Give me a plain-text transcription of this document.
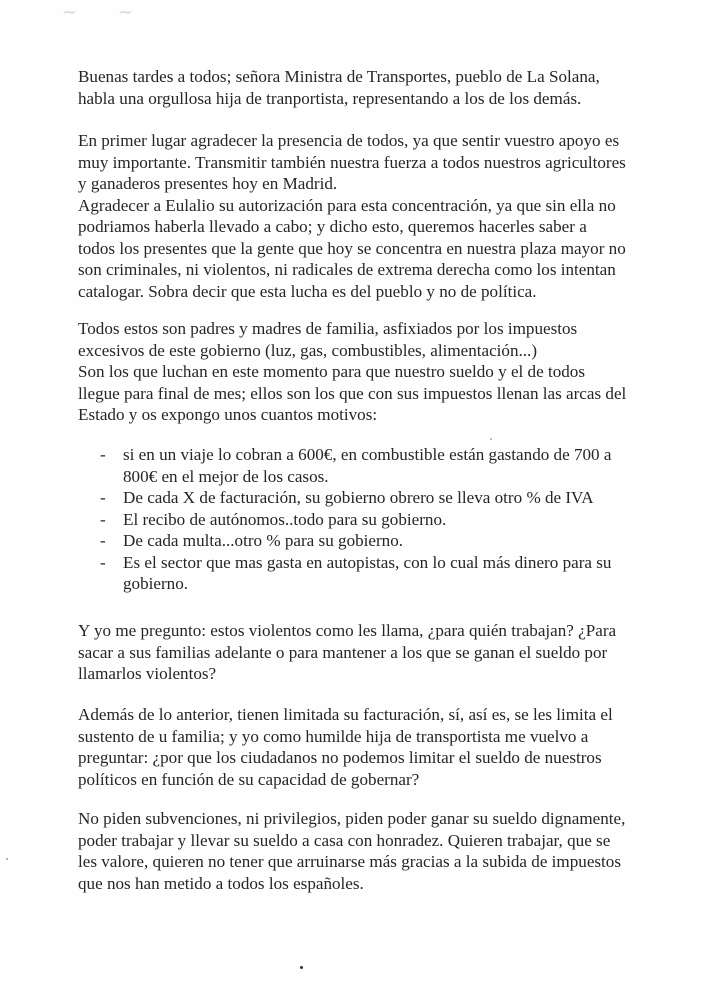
~ ~
Buenas tardes a todos; señora Ministra de Transportes, pueblo de La Solana,
habla una orgullosa hija de tranportista, representando a los de los demás.
En primer lugar agradecer la presencia de todos, ya que sentir vuestro apoyo es
muy importante. Transmitir también nuestra fuerza a todos nuestros agricultores
y ganaderos presentes hoy en Madrid.
Agradecer a Eulalio su autorización para esta concentración, ya que sin ella no
podriamos haberla llevado a cabo; y dicho esto, queremos hacerles saber a
todos los presentes que la gente que hoy se concentra en nuestra plaza mayor no
son criminales, ni violentos, ni radicales de extrema derecha como los intentan
catalogar. Sobra decir que esta lucha es del pueblo y no de política.
Todos estos son padres y madres de familia, asfixiados por los impuestos
excesivos de este gobierno (luz, gas, combustibles, alimentación...)
Son los que luchan en este momento para que nuestro sueldo y el de todos
llegue para final de mes; ellos son los que con sus impuestos llenan las arcas del
Estado y os expongo unos cuantos motivos:
- si en un viaje lo cobran a 600€, en combustible están gastando de 700 a
800€ en el mejor de los casos.
- De cada X de facturación, su gobierno obrero se lleva otro % de IVA
- El recibo de autónomos..todo para su gobierno.
- De cada multa...otro % para su gobierno.
- Es el sector que mas gasta en autopistas, con lo cual más dinero para su
gobierno.
Y yo me pregunto: estos violentos como les llama, ¿para quién trabajan? ¿Para
sacar a sus familias adelante o para mantener a los que se ganan el sueldo por
llamarlos violentos?
Además de lo anterior, tienen limitada su facturación, sí, así es, se les limita el
sustento de u familia; y yo como humilde hija de transportista me vuelvo a
preguntar: ¿por que los ciudadanos no podemos limitar el sueldo de nuestros
políticos en función de su capacidad de gobernar?
No piden subvenciones, ni privilegios, piden poder ganar su sueldo dignamente,
poder trabajar y llevar su sueldo a casa con honradez. Quieren trabajar, que se
les valore, quieren no tener que arruinarse más gracias a la subida de impuestos
que nos han metido a todos los españoles.
